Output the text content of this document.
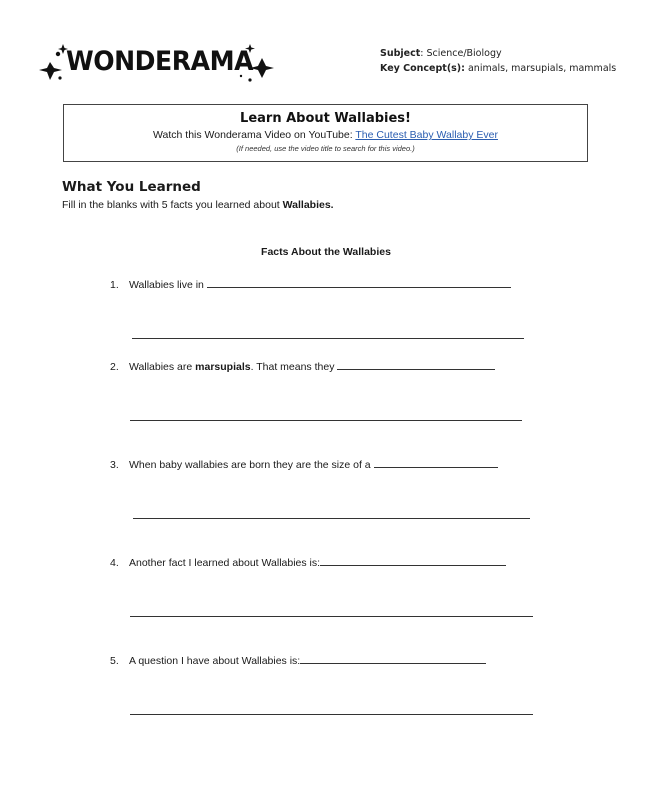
WONDERAMA	Subject: Science/Biology
Key Concept(s): animals, marsupials, mammals
Learn About Wallabies!
Watch this Wonderama Video on YouTube: The Cutest Baby Wallaby Ever
(If needed, use the video title to search for this video.)
What You Learned
Fill in the blanks with 5 facts you learned about Wallabies.
Facts About the Wallabies
1. Wallabies live in
2. Wallabies are marsupials. That means they
3. When baby wallabies are born they are the size of a
4. Another fact I learned about Wallabies is:
5. A question I have about Wallabies is:
